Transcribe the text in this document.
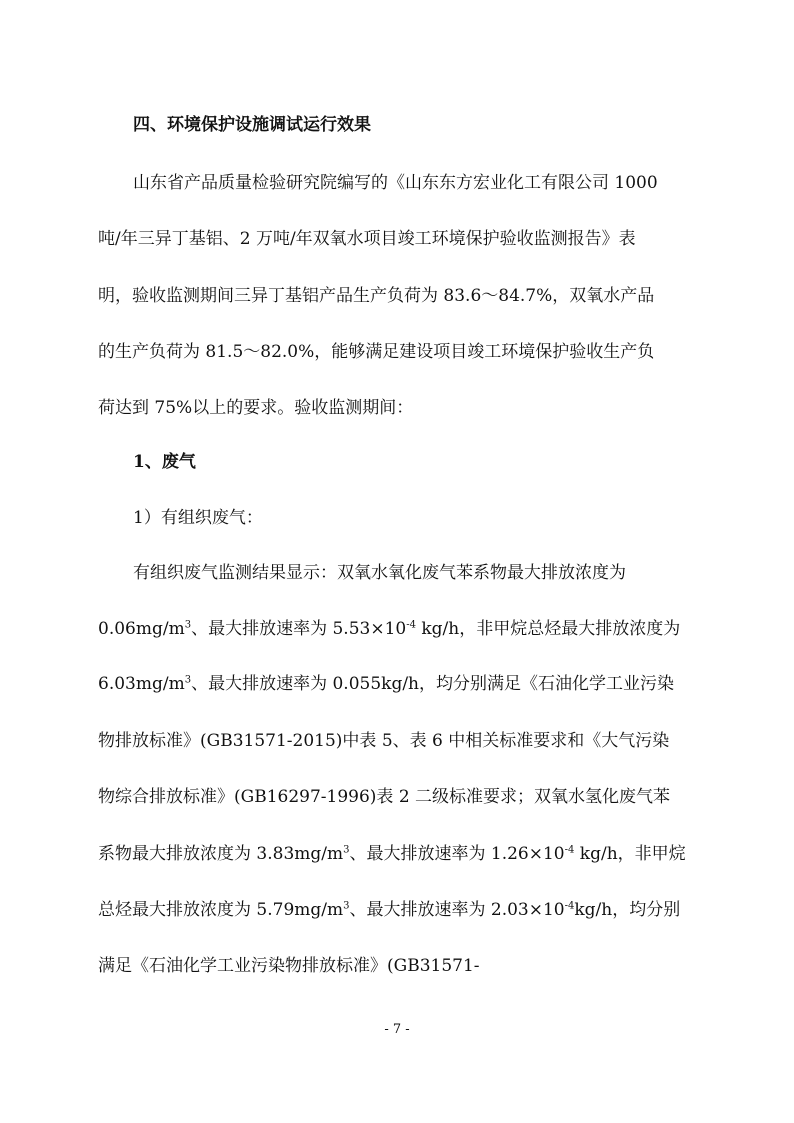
四、环境保护设施调试运行效果
山东省产品质量检验研究院编写的《山东东方宏业化工有限公司 1000
吨/年三异丁基铝、2 万吨/年双氧水项目竣工环境保护验收监测报告》表
明，验收监测期间三异丁基铝产品生产负荷为 83.6～84.7%，双氧水产品
的生产负荷为 81.5～82.0%，能够满足建设项目竣工环境保护验收生产负
荷达到 75%以上的要求。验收监测期间：
1、废气
1）有组织废气：
有组织废气监测结果显示：双氧水氧化废气苯系物最大排放浓度为
$0.06mg/m^3$、最大排放速率为 $5.53\times 10^{-4}$ kg/h，非甲烷总烃最大排放浓度为
$6.03mg/m^3$、最大排放速率为 0.055kg/h，均分别满足《石油化学工业污染
物排放标准》(GB31571-2015)中表 5、表 6 中相关标准要求和《大气污染
物综合排放标准》(GB16297-1996)表 2 二级标准要求；双氧水氢化废气苯
系物最大排放浓度为 $3.83mg/m^3$、最大排放速率为 $1.26\times 10^{-4}$ kg/h，非甲烷
总烃最大排放浓度为 $5.79mg/m^3$、最大排放速率为 $2.03\times 10^{-4}kg/h$，均分别
满足《石油化学工业污染物排放标准》(GB31571-
- 7 -
